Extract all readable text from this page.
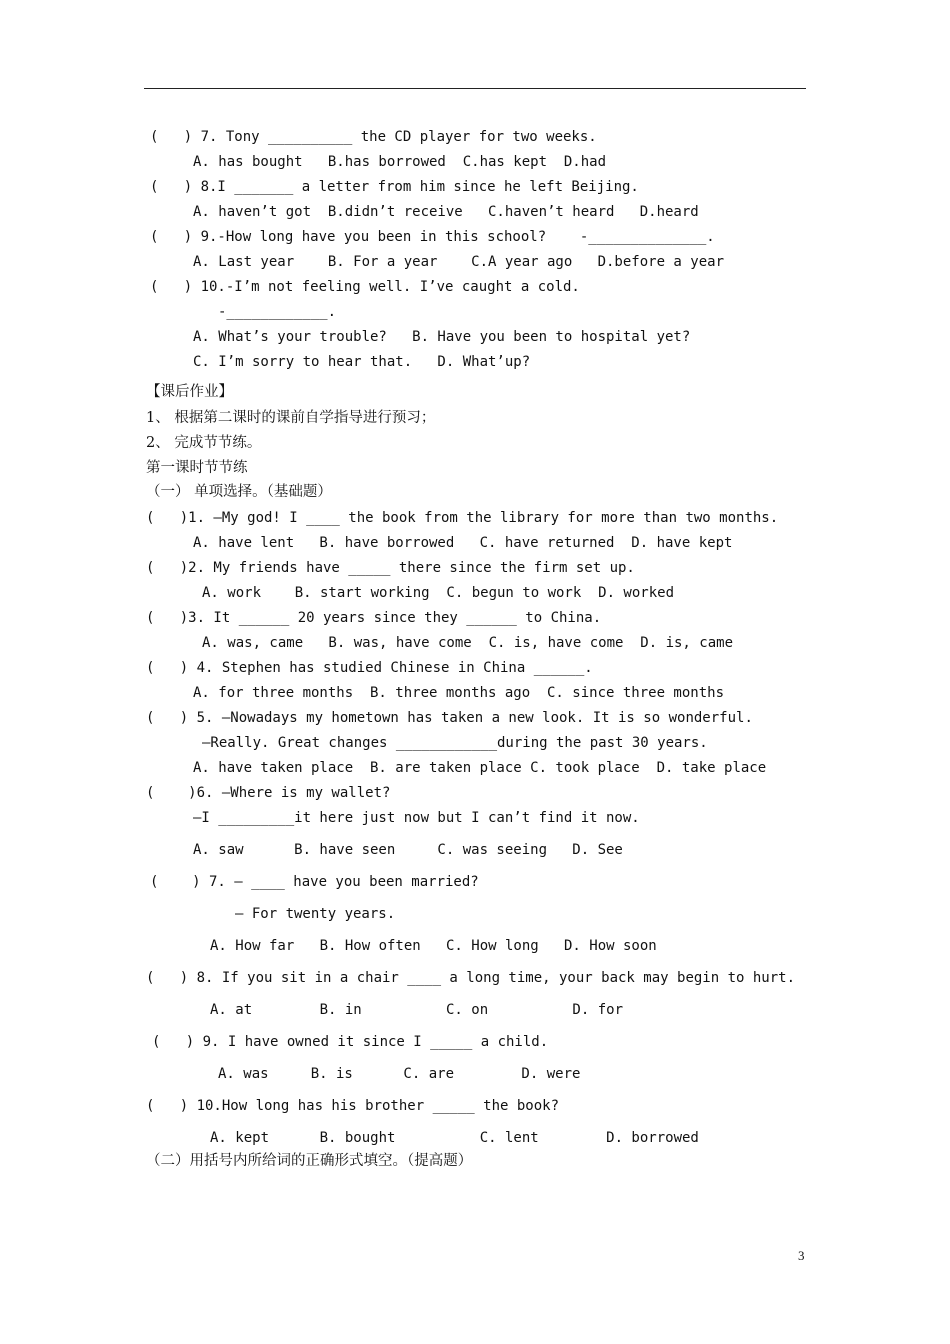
(   ) 7. Tony __________ the CD player for two weeks.
A. has bought   B.has borrowed  C.has kept  D.had
(   ) 8.I _______ a letter from him since he left Beijing.
A. haven’t got  B.didn’t receive   C.haven’t heard   D.heard
(   ) 9.-How long have you been in this school?    -______________.
A. Last year    B. For a year    C.A year ago   D.before a year
(   ) 10.-I’m not feeling well. I’ve caught a cold.
-____________.
A. What’s your trouble?   B. Have you been to hospital yet?
C. I’m sorry to hear that.   D. What’up?
【课后作业】
1、 根据第二课时的课前自学指导进行预习；
2、 完成节节练。
第一课时节节练
（一） 单项选择。（基础题）
(   )1. —My god! I ____ the book from the library for more than two months.
A. have lent   B. have borrowed   C. have returned  D. have kept
(   )2. My friends have _____ there since the firm set up.
A. work    B. start working  C. begun to work  D. worked
(   )3. It ______ 20 years since they ______ to China.
A. was, came   B. was, have come  C. is, have come  D. is, came
(   ) 4. Stephen has studied Chinese in China ______.
A. for three months  B. three months ago  C. since three months
(   ) 5. —Nowadays my hometown has taken a new look. It is so wonderful.
—Really. Great changes ____________during the past 30 years.
A. have taken place  B. are taken place C. took place  D. take place
(    )6. —Where is my wallet?
—I _________it here just now but I can’t find it now.
A. saw      B. have seen     C. was seeing   D. See
(    ) 7. — ____ have you been married?
— For twenty years.
A. How far   B. How often   C. How long   D. How soon
(   ) 8. If you sit in a chair ____ a long time, your back may begin to hurt.
A. at        B. in          C. on          D. for
(   ) 9. I have owned it since I _____ a child.
A. was     B. is      C. are        D. were
(   ) 10.How long has his brother _____ the book?
A. kept      B. bought          C. lent        D. borrowed
（二）用括号内所给词的正确形式填空。（提高题）
3
